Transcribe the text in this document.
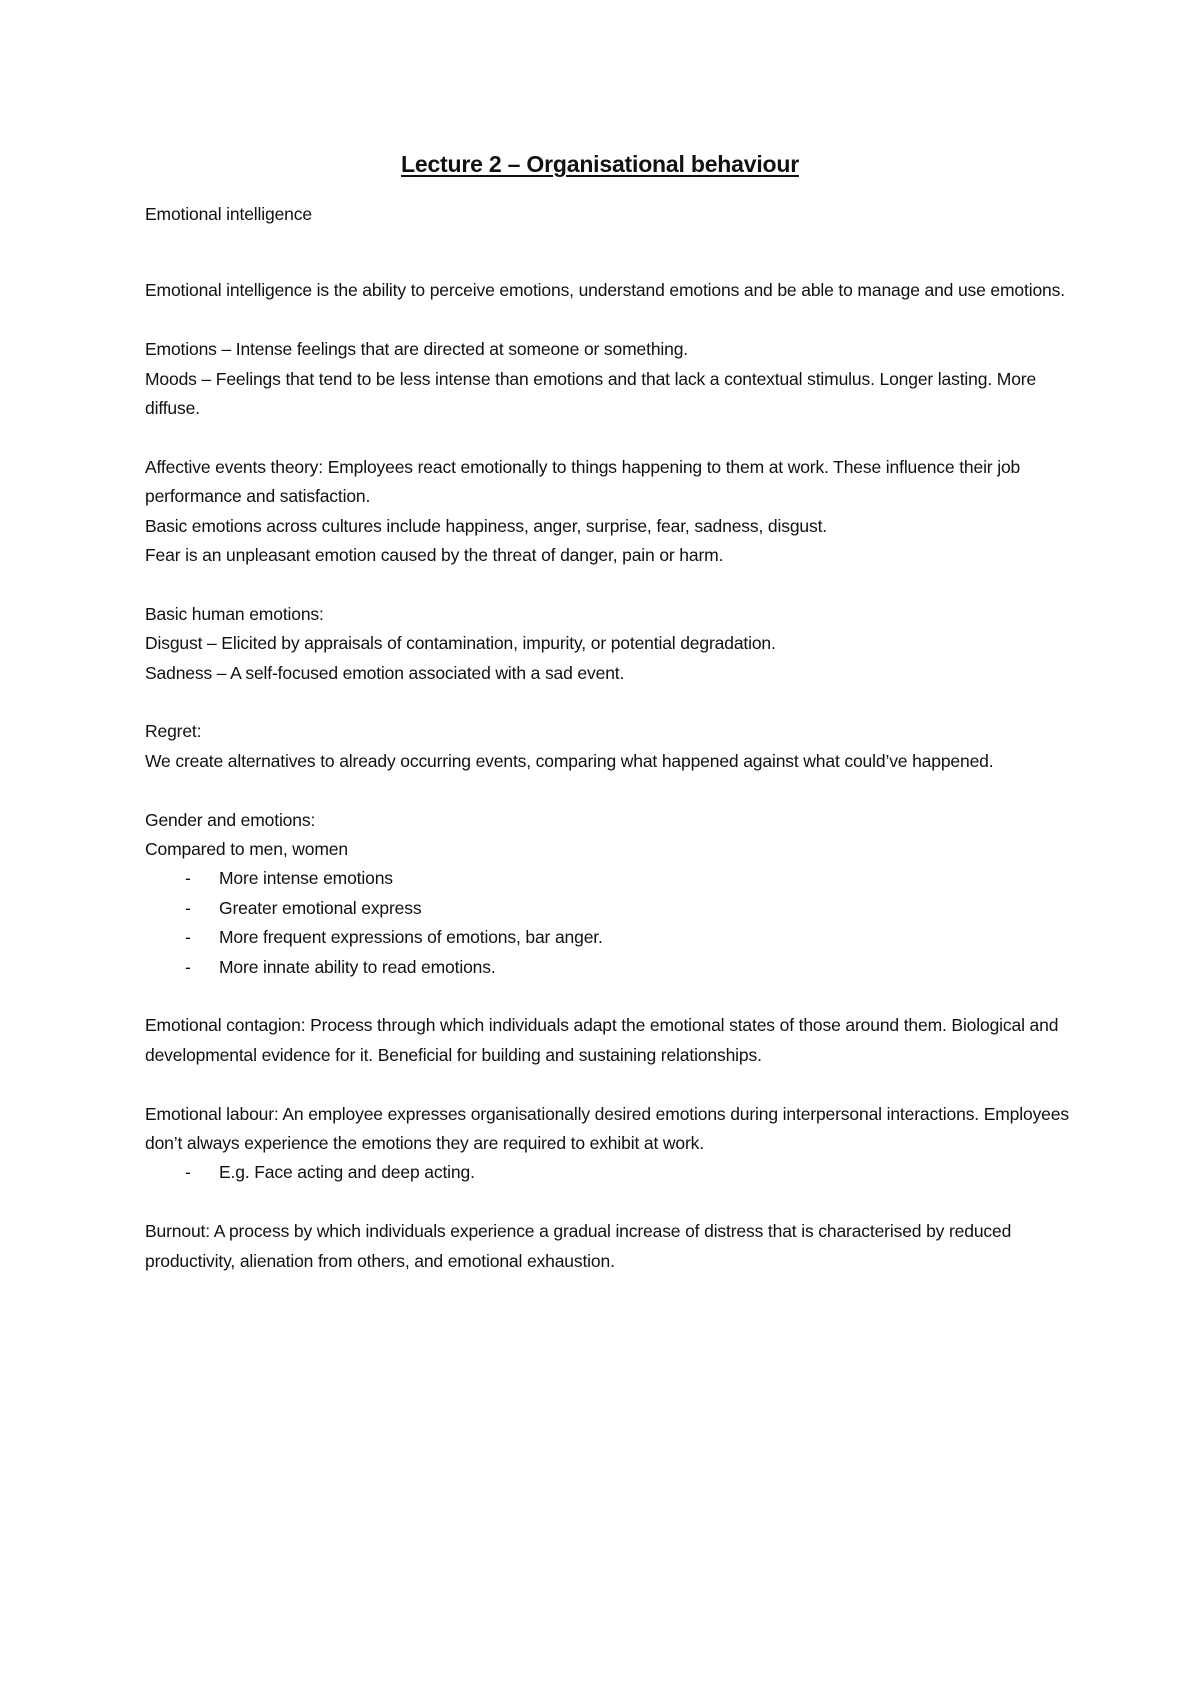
Lecture 2 – Organisational behaviour

Emotional intelligence

Emotional intelligence is the ability to perceive emotions, understand emotions and be able to manage and use emotions.

Emotions – Intense feelings that are directed at someone or something.

Moods – Feelings that tend to be less intense than emotions and that lack a contextual stimulus. Longer lasting. More diffuse.

Affective events theory: Employees react emotionally to things happening to them at work. These influence their job performance and satisfaction.

Basic emotions across cultures include happiness, anger, surprise, fear, sadness, disgust.

Fear is an unpleasant emotion caused by the threat of danger, pain or harm.

Basic human emotions:

Disgust – Elicited by appraisals of contamination, impurity, or potential degradation.

Sadness – A self-focused emotion associated with a sad event.

Regret:

We create alternatives to already occurring events, comparing what happened against what could’ve happened.

Gender and emotions:

Compared to men, women

- More intense emotions
- Greater emotional express
- More frequent expressions of emotions, bar anger.
- More innate ability to read emotions.

Emotional contagion: Process through which individuals adapt the emotional states of those around them. Biological and developmental evidence for it. Beneficial for building and sustaining relationships.

Emotional labour: An employee expresses organisationally desired emotions during interpersonal interactions. Employees don’t always experience the emotions they are required to exhibit at work.

- E.g. Face acting and deep acting.

Burnout: A process by which individuals experience a gradual increase of distress that is characterised by reduced productivity, alienation from others, and emotional exhaustion.
